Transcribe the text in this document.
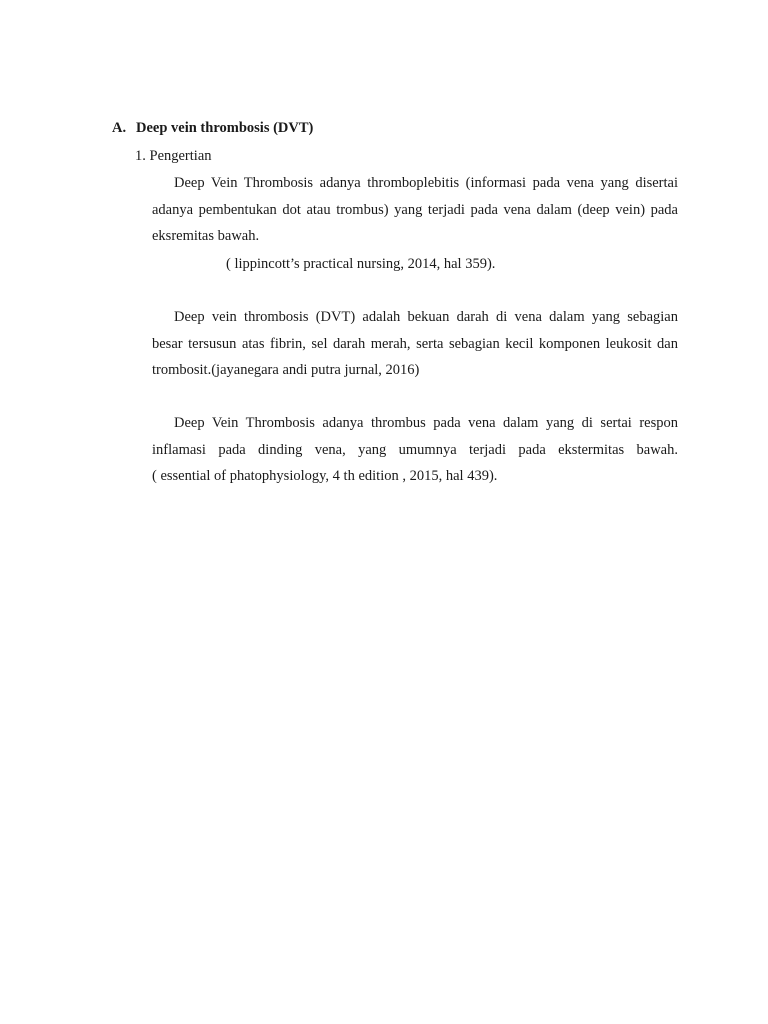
A. Deep vein thrombosis (DVT)
1. Pengertian
Deep Vein Thrombosis adanya thromboplebitis (informasi pada vena yang disertai
adanya pembentukan dot atau trombus) yang terjadi pada vena dalam (deep vein) pada
eksremitas bawah.
( lippincott’s practical nursing, 2014, hal 359).
Deep vein thrombosis (DVT) adalah bekuan darah di vena dalam yang sebagian
besar tersusun atas fibrin, sel darah merah, serta sebagian kecil komponen leukosit dan
trombosit.(jayanegara andi putra jurnal, 2016)
Deep Vein Thrombosis adanya thrombus pada vena dalam yang di sertai respon
inflamasi pada dinding vena, yang umumnya terjadi pada ekstermitas bawah.
( essential of phatophysiology, 4 th edition , 2015, hal 439).
